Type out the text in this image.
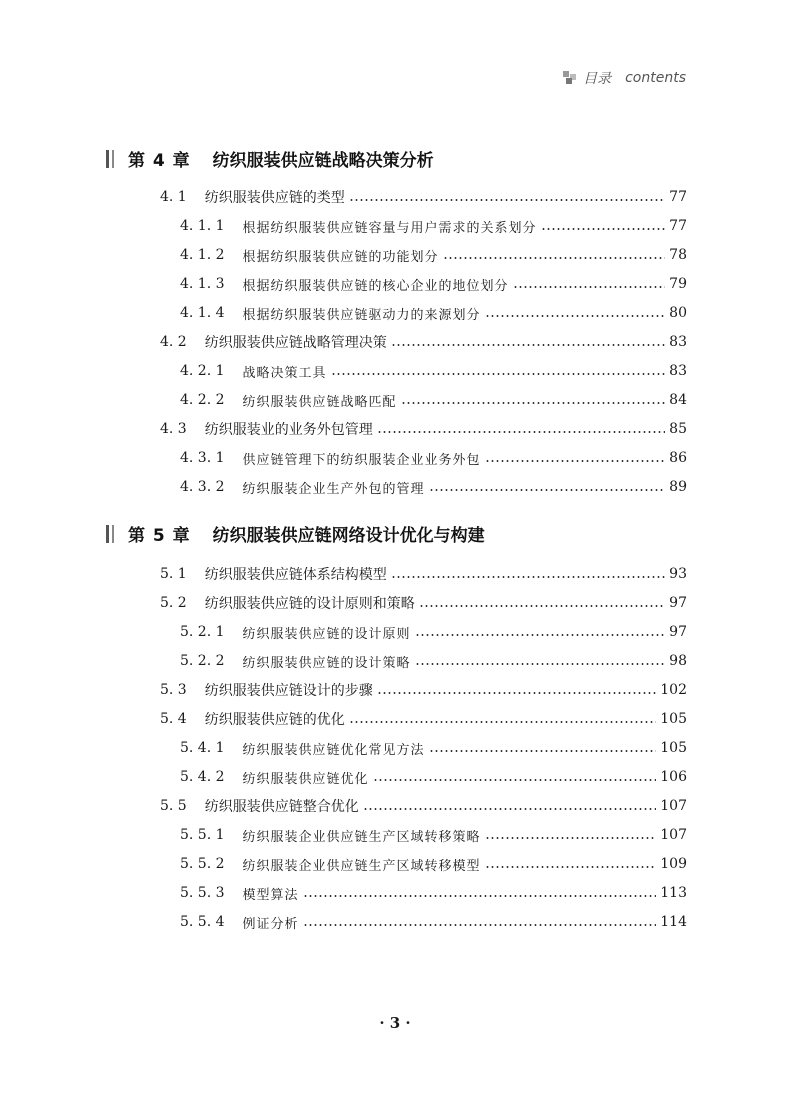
目录 contents
第 4 章 纺织服装供应链战略决策分析
4. 1 纺织服装供应链的类型	77
4. 1. 1 根据纺织服装供应链容量与用户需求的关系划分	77
4. 1. 2 根据纺织服装供应链的功能划分	78
4. 1. 3 根据纺织服装供应链的核心企业的地位划分	79
4. 1. 4 根据纺织服装供应链驱动力的来源划分	80
4. 2 纺织服装供应链战略管理决策	83
4. 2. 1 战略决策工具	83
4. 2. 2 纺织服装供应链战略匹配	84
4. 3 纺织服装业的业务外包管理	85
4. 3. 1 供应链管理下的纺织服装企业业务外包	86
4. 3. 2 纺织服装企业生产外包的管理	89
第 5 章 纺织服装供应链网络设计优化与构建
5. 1 纺织服装供应链体系结构模型	93
5. 2 纺织服装供应链的设计原则和策略	97
5. 2. 1 纺织服装供应链的设计原则	97
5. 2. 2 纺织服装供应链的设计策略	98
5. 3 纺织服装供应链设计的步骤	102
5. 4 纺织服装供应链的优化	105
5. 4. 1 纺织服装供应链优化常见方法	105
5. 4. 2 纺织服装供应链优化	106
5. 5 纺织服装供应链整合优化	107
5. 5. 1 纺织服装企业供应链生产区域转移策略	107
5. 5. 2 纺织服装企业供应链生产区域转移模型	109
5. 5. 3 模型算法	113
5. 5. 4 例证分析	114
· 3 ·
